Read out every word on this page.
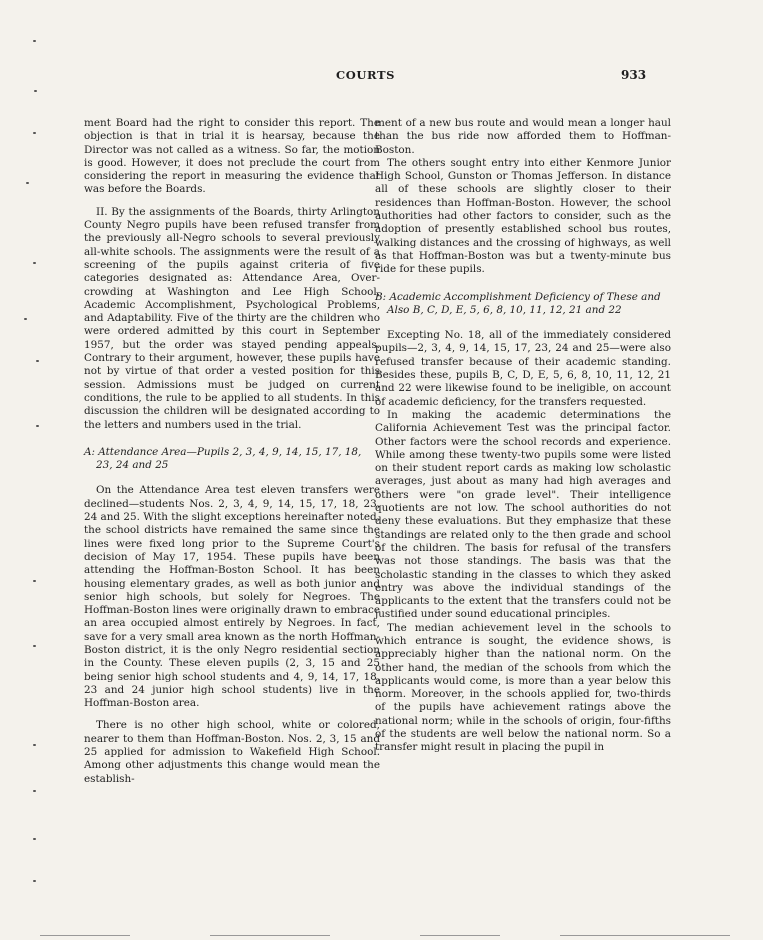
COURTS	933

ment Board had the right to consider this report. The objection is that in trial it is hearsay, because the Director was not called as a witness. So far, the motion is good. However, it does not preclude the court from considering the report in measuring the evidence that was before the Boards.

II. By the assignments of the Boards, thirty Arlington County Negro pupils have been refused transfer from the previously all-Negro schools to several previously all-white schools. The assignments were the result of a screening of the pupils against criteria of five categories designated as: Attendance Area, Over-crowding at Washington and Lee High School, Academic Accomplishment, Psychological Problems, and Adaptability. Five of the thirty are the children who were ordered admitted by this court in September 1957, but the order was stayed pending appeals. Contrary to their argument, however, these pupils have not by virtue of that order a vested position for this session. Admissions must be judged on current conditions, the rule to be applied to all students. In this discussion the children will be designated according to the letters and numbers used in the trial.

A: Attendance Area—Pupils 2, 3, 4, 9, 14, 15, 17, 18, 23, 24 and 25

On the Attendance Area test eleven transfers were declined—students Nos. 2, 3, 4, 9, 14, 15, 17, 18, 23, 24 and 25. With the slight exceptions hereinafter noted, the school districts have remained the same since the lines were fixed long prior to the Supreme Court's decision of May 17, 1954. These pupils have been attending the Hoffman-Boston School. It has been housing elementary grades, as well as both junior and senior high schools, but solely for Negroes. The Hoffman-Boston lines were originally drawn to embrace an area occupied almost entirely by Negroes. In fact, save for a very small area known as the north Hoffman-Boston district, it is the only Negro residential section in the County. These eleven pupils (2, 3, 15 and 25 being senior high school students and 4, 9, 14, 17, 18, 23 and 24 junior high school students) live in the Hoffman-Boston area.

There is no other high school, white or colored, nearer to them than Hoffman-Boston. Nos. 2, 3, 15 and 25 applied for admission to Wakefield High School. Among other adjustments this change would mean the establish-

ment of a new bus route and would mean a longer haul than the bus ride now afforded them to Hoffman-Boston.

The others sought entry into either Kenmore Junior High School, Gunston or Thomas Jefferson. In distance all of these schools are slightly closer to their residences than Hoffman-Boston. However, the school authorities had other factors to consider, such as the adoption of presently established school bus routes, walking distances and the crossing of highways, as well as that Hoffman-Boston was but a twenty-minute bus ride for these pupils.

B: Academic Accomplishment Deficiency of These and Also B, C, D, E, 5, 6, 8, 10, 11, 12, 21 and 22

Excepting No. 18, all of the immediately considered pupils—2, 3, 4, 9, 14, 15, 17, 23, 24 and 25—were also refused transfer because of their academic standing. Besides these, pupils B, C, D, E, 5, 6, 8, 10, 11, 12, 21 and 22 were likewise found to be ineligible, on account of academic deficiency, for the transfers requested.

In making the academic determinations the California Achievement Test was the principal factor. Other factors were the school records and experience. While among these twenty-two pupils some were listed on their student report cards as making low scholastic averages, just about as many had high averages and others were "on grade level". Their intelligence quotients are not low. The school authorities do not deny these evaluations. But they emphasize that these standings are related only to the then grade and school of the children. The basis for refusal of the transfers was not those standings. The basis was that the scholastic standing in the classes to which they asked entry was above the individual standings of the applicants to the extent that the transfers could not be justified under sound educational principles.

The median achievement level in the schools to which entrance is sought, the evidence shows, is appreciably higher than the national norm. On the other hand, the median of the schools from which the applicants would come, is more than a year below this norm. Moreover, in the schools applied for, two-thirds of the pupils have achievement ratings above the national norm; while in the schools of origin, four-fifths of the students are well below the national norm. So a transfer might result in placing the pupil in
